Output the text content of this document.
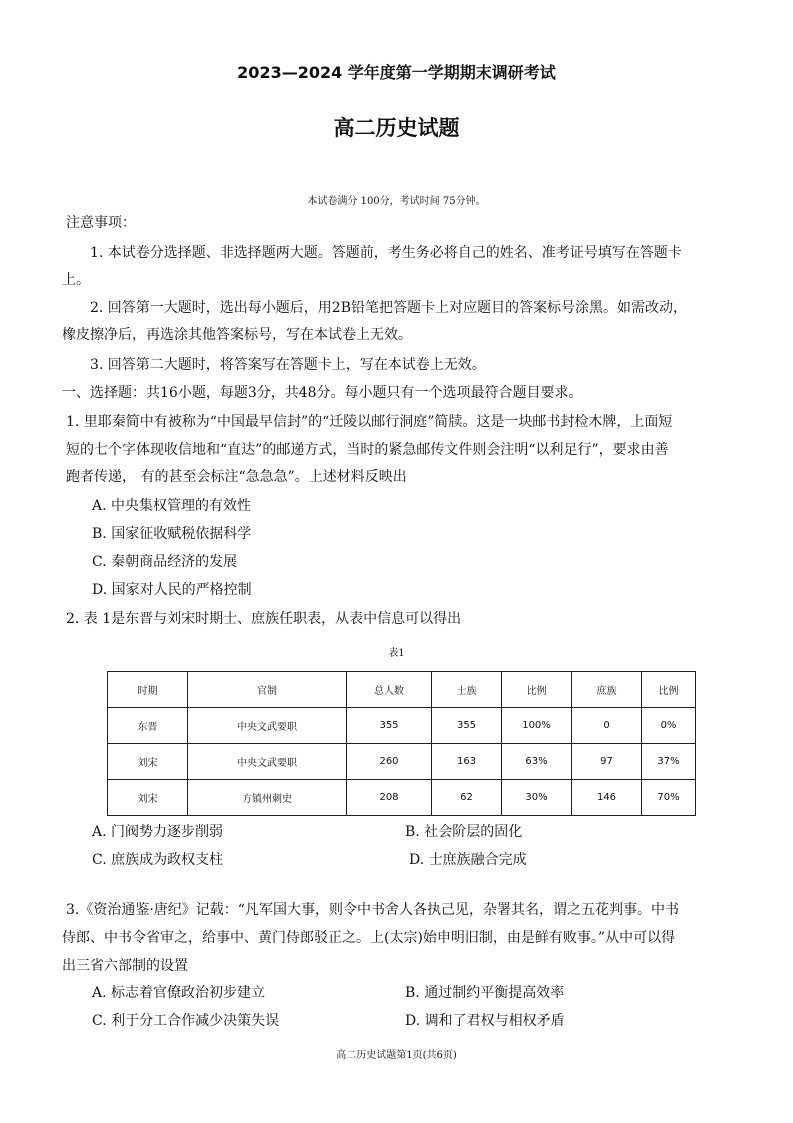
2023—2024 学年度第一学期期末调研考试
高二历史试题
本试卷满分 100分，考试时间 75分钟。
注意事项：
1. 本试卷分选择题、非选择题两大题。答题前，考生务必将自己的姓名、准考证号填写在答题卡
上。
2. 回答第一大题时，选出每小题后，用2B铅笔把答题卡上对应题目的答案标号涂黑。如需改动，
橡皮擦净后，再选涂其他答案标号，写在本试卷上无效。
3. 回答第二大题时，将答案写在答题卡上，写在本试卷上无效。
一、选择题：共16小题，每题3分，共48分。每小题只有一个选项最符合题目要求。
1. 里耶秦简中有被称为“中国最早信封”的“迁陵以邮行洞庭”简牍。这是一块邮书封检木牌，上面短
短的七个字体现收信地和“直达”的邮递方式，当时的紧急邮传文件则会注明“以利足行”，要求由善
跑者传递， 有的甚至会标注“急急急”。上述材料反映出
A. 中央集权管理的有效性
B. 国家征收赋税依据科学
C. 秦朝商品经济的发展
D. 国家对人民的严格控制
2. 表 1是东晋与刘宋时期士、庶族任职表，从表中信息可以得出
表1
时期	官制	总人数	士族	比例	庶族	比例
东晋	中央文武要职	355	355	100%	0	0%
刘宋	中央文武要职	260	163	63%	97	37%
刘宋	方镇州刺史	208	62	30%	146	70%
A. 门阀势力逐步削弱	B. 社会阶层的固化
C. 庶族成为政权支柱	D. 士庶族融合完成
3.《资治通鉴·唐纪》记载：“凡军国大事，则令中书舍人各执己见，杂署其名，谓之五花判事。中书
侍郎、中书令省审之，给事中、黄门侍郎驳正之。上(太宗)始申明旧制，由是鲜有败事。”从中可以得
出三省六部制的设置
A. 标志着官僚政治初步建立	B. 通过制约平衡提高效率
C. 利于分工合作减少决策失误	D. 调和了君权与相权矛盾
高二历史试题第1页(共6页)
